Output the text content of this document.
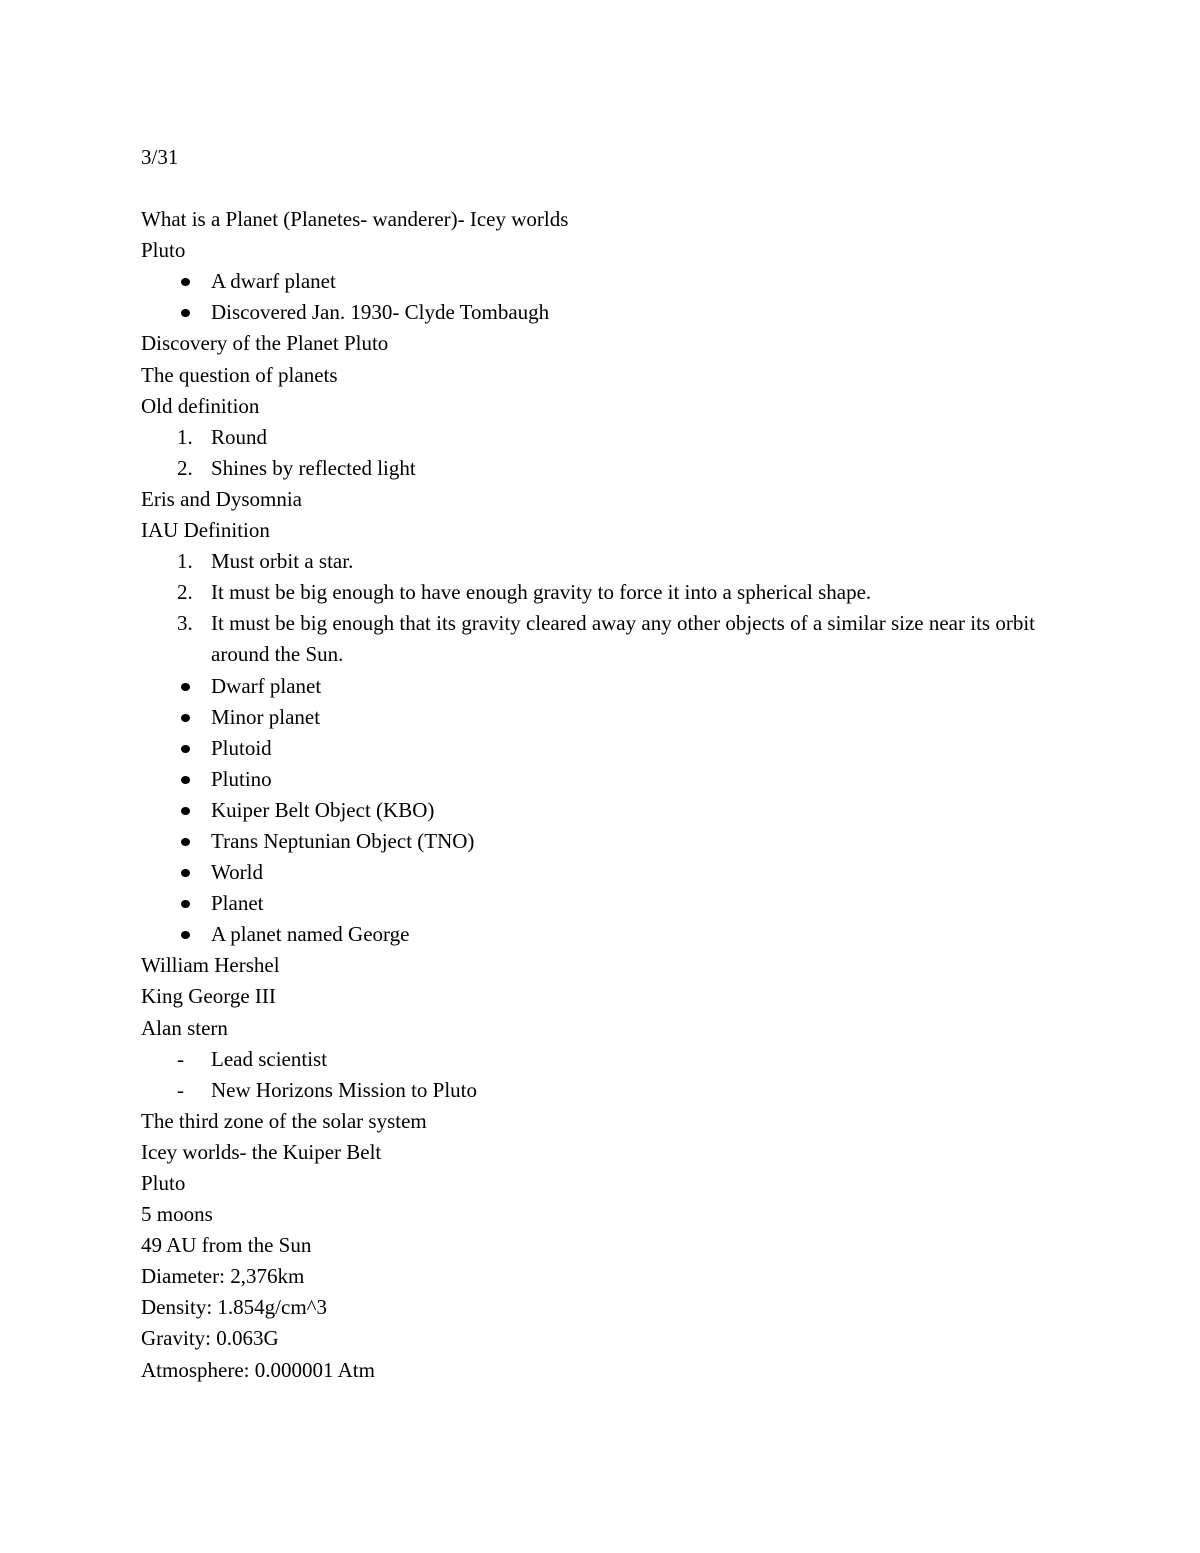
3/31
What is a Planet (Planetes- wanderer)- Icey worlds
Pluto
A dwarf planet
Discovered Jan. 1930- Clyde Tombaugh
Discovery of the Planet Pluto
The question of planets
Old definition
1. Round
2. Shines by reflected light
Eris and Dysomnia
IAU Definition
1. Must orbit a star.
2. It must be big enough to have enough gravity to force it into a spherical shape.
3. It must be big enough that its gravity cleared away any other objects of a similar size near its orbit around the Sun.
Dwarf planet
Minor planet
Plutoid
Plutino
Kuiper Belt Object (KBO)
Trans Neptunian Object (TNO)
World
Planet
A planet named George
William Hershel
King George III
Alan stern
-	Lead scientist
-	New Horizons Mission to Pluto
The third zone of the solar system
Icey worlds- the Kuiper Belt
Pluto
5 moons
49 AU from the Sun
Diameter: 2,376km
Density: 1.854g/cm^3
Gravity: 0.063G
Atmosphere: 0.000001 Atm
